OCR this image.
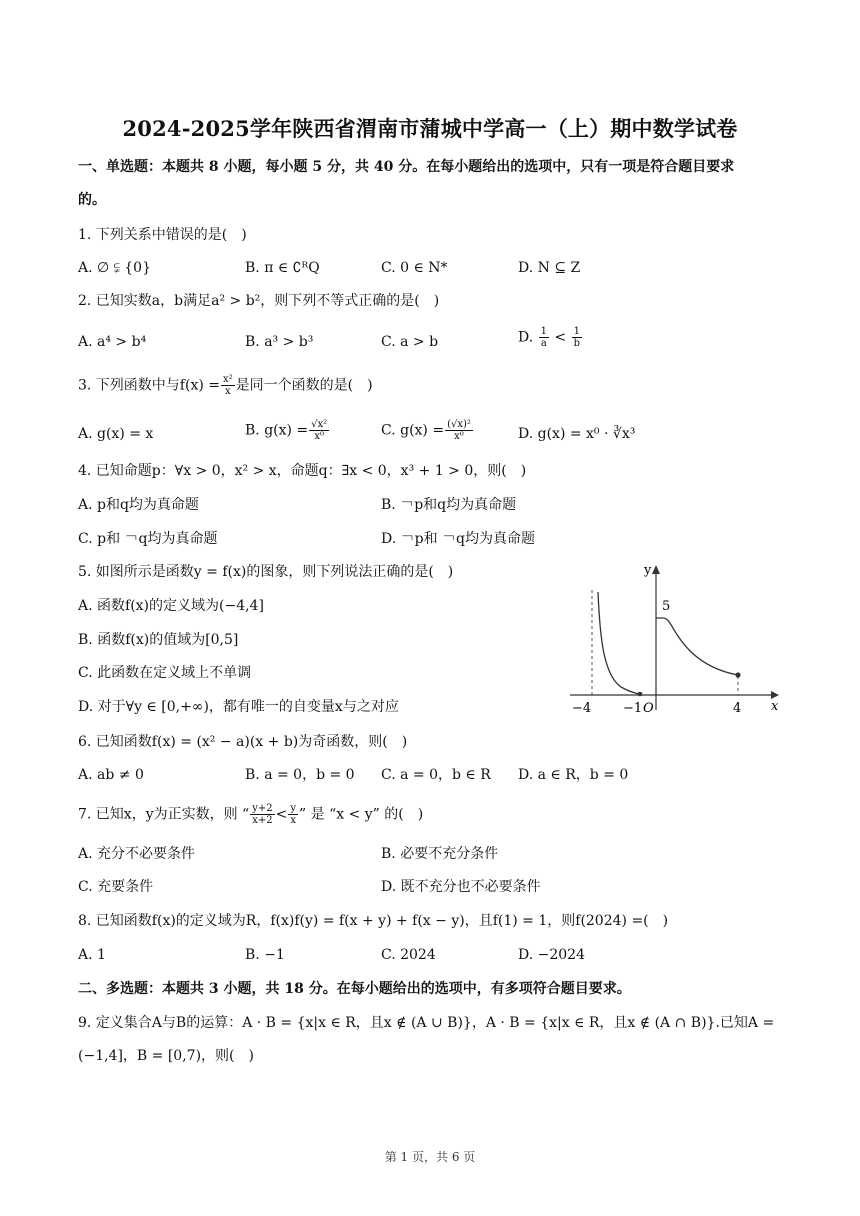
2024-2025学年陕西省渭南市蒲城中学高一（上）期中数学试卷
一、单选题：本题共 8 小题，每小题 5 分，共 40 分。在每小题给出的选项中，只有一项是符合题目要求
的。
1. 下列关系中错误的是(　)
A. ∅ ⫋ {0}	B. π ∈ ∁ᴿQ	C. 0 ∈ N*	D. N ⊆ Z
2. 已知实数a，b满足a² > b²，则下列不等式正确的是(　)
A. a⁴ > b⁴	B. a³ > b³	C. a > b	D. $\frac{1}{a} < \frac{1}{b}$
3. 下列函数中与$f(x) = \frac{\text{x²}}{x}$ 是同一个函数的是(　)
A. g(x) = x	B. $g(x) = \frac{\text{√x²}}{\text{x⁰}}$	C. $g(x) = \frac{\text{(√x)²}}{\text{x⁰}}$	D. g(x) = x⁰ · ∛x³
4. 已知命题p：∀x > 0，x² > x，命题q：∃x < 0，x³ + 1 > 0，则(　)
A. p和q均为真命题	B. ￢p和q均为真命题
C. p和 ￢q均为真命题	D. ￢p和 ￢q均为真命题
5. 如图所示是函数y = f(x)的图象，则下列说法正确的是(　)
A. 函数f(x)的定义域为(−4,4]
B. 函数f(x)的值域为[0,5]
C. 此函数在定义域上不单调
D. 对于∀y ∈ [0,+∞)，都有唯一的自变量x与之对应
y
x
5
−4 −1 O	4
6. 已知函数f(x) = (x² − a)(x + b)为奇函数，则(　)
A. ab ≠ 0	B. a = 0，b = 0 C. a = 0，b ∈ R D. a ∈ R，b = 0
7. 已知x，y为正实数，则 “ $\frac{y+2}{x+2} < \frac{y}{x}$ ” 是 “x < y” 的(　)
A. 充分不必要条件	B. 必要不充分条件
C. 充要条件	D. 既不充分也不必要条件
8. 已知函数f(x)的定义域为R，f(x)f(y) = f(x + y) + f(x − y)，且f(1) = 1，则f(2024) =(　)
A. 1	B. −1	C. 2024	D. −2024
二、多选题：本题共 3 小题，共 18 分。在每小题给出的选项中，有多项符合题目要求。
9. 定义集合A与B的运算：A · B = {x|x ∈ R，且x ∉ (A ∪ B)}，A · B = {x|x ∈ R，且x ∉ (A ∩ B)}.已知A =
(−1,4]，B = [0,7)，则(　)
第 1 页，共 6 页
